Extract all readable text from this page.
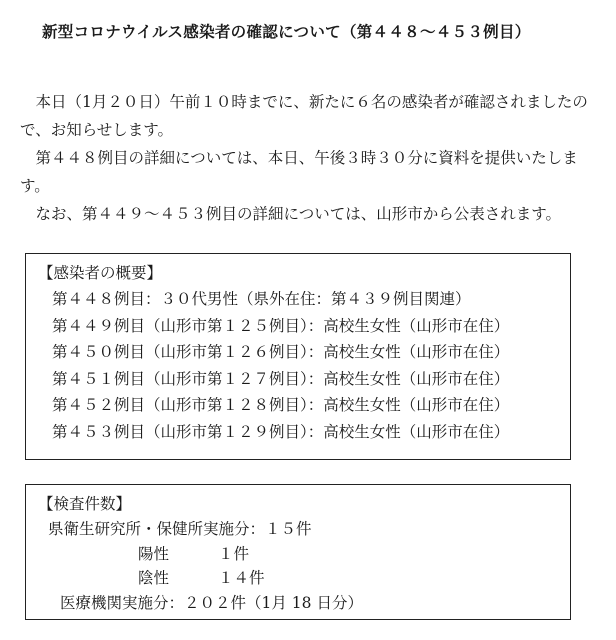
新型コロナウイルス感染者の確認について（第４４８～４５３例目）

本日（1月２０日）午前１０時までに、新たに６名の感染者が確認されましたので、お知らせします。

第４４８例目の詳細については、本日、午後３時３０分に資料を提供いたします。

なお、第４４９～４５３例目の詳細については、山形市から公表されます。

【感染者の概要】
第４４８例目：３０代男性（県外在住：第４３９例目関連）
第４４９例目（山形市第１２５例目）：高校生女性（山形市在住）
第４５０例目（山形市第１２６例目）：高校生女性（山形市在住）
第４５１例目（山形市第１２７例目）：高校生女性（山形市在住）
第４５２例目（山形市第１２８例目）：高校生女性（山形市在住）
第４５３例目（山形市第１２９例目）：高校生女性（山形市在住）
【検査件数】
県衛生研究所・保健所実施分：１５件
陽性	１件
陰性	１４件
医療機関実施分：２０２件（1月 18 日分）
